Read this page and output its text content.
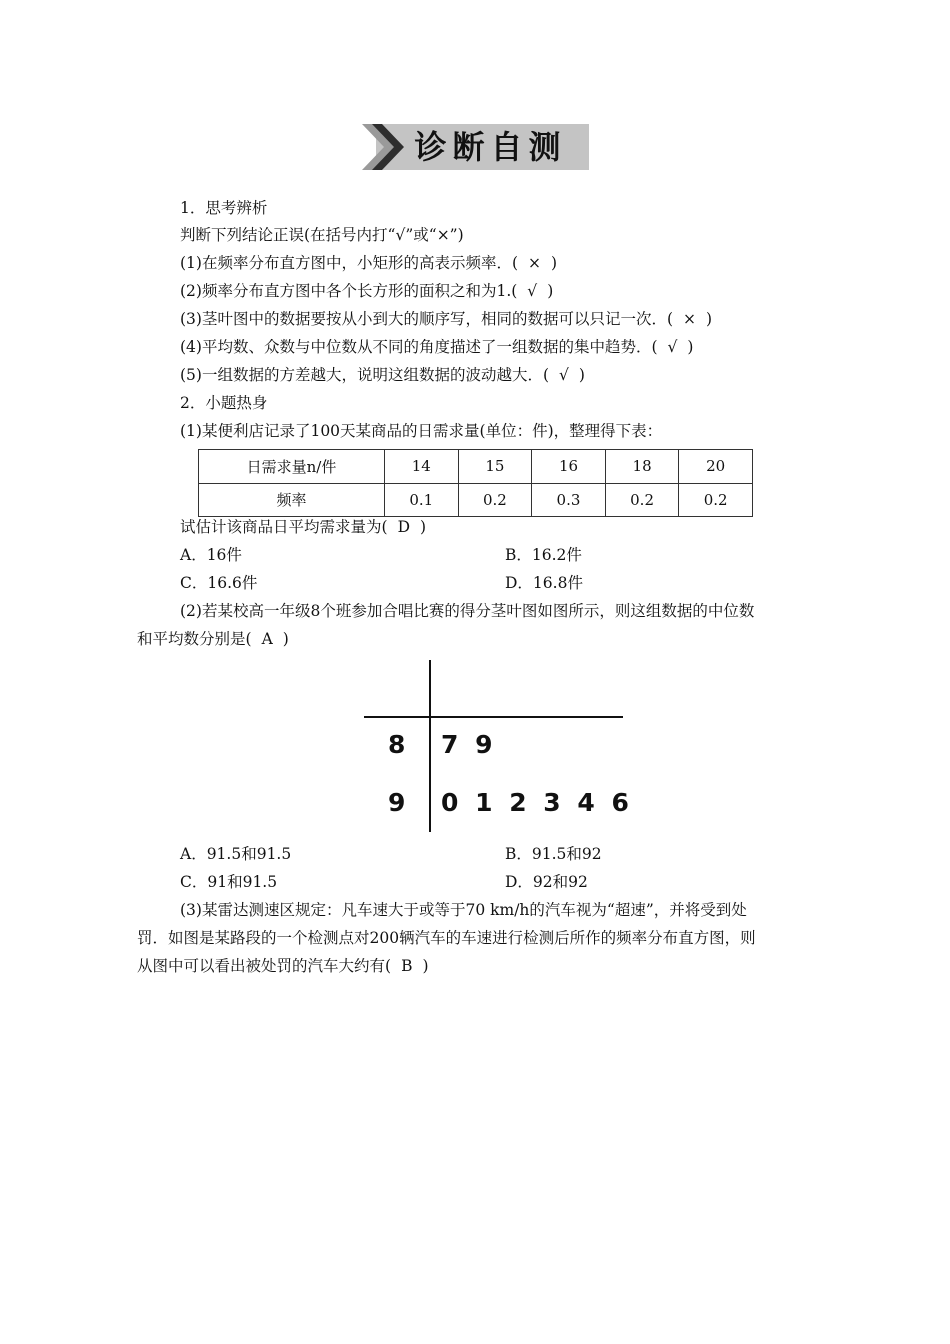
诊断自测
1．思考辨析
判断下列结论正误(在括号内打“√”或“×”)
(1)在频率分布直方图中，小矩形的高表示频率．( × )
(2)频率分布直方图中各个长方形的面积之和为1.( √ )
(3)茎叶图中的数据要按从小到大的顺序写，相同的数据可以只记一次．( × )
(4)平均数、众数与中位数从不同的角度描述了一组数据的集中趋势．( √ )
(5)一组数据的方差越大，说明这组数据的波动越大．( √ )
2．小题热身
(1)某便利店记录了100天某商品的日需求量(单位：件)，整理得下表：
日需求量n/件	14	15	16	18	20
频率	0.1	0.2	0.3	0.2	0.2
试估计该商品日平均需求量为( D )
A．16件	B．16.2件
C．16.6件	D．16.8件
(2)若某校高一年级8个班参加合唱比赛的得分茎叶图如图所示，则这组数据的中位数
和平均数分别是( A )
8 7 9
9 0 1 2 3 4 6
A．91.5和91.5	B．91.5和92
C．91和91.5	D．92和92
(3)某雷达测速区规定：凡车速大于或等于70 km/h的汽车视为“超速”，并将受到处
罚．如图是某路段的一个检测点对200辆汽车的车速进行检测后所作的频率分布直方图，则
从图中可以看出被处罚的汽车大约有( B )
